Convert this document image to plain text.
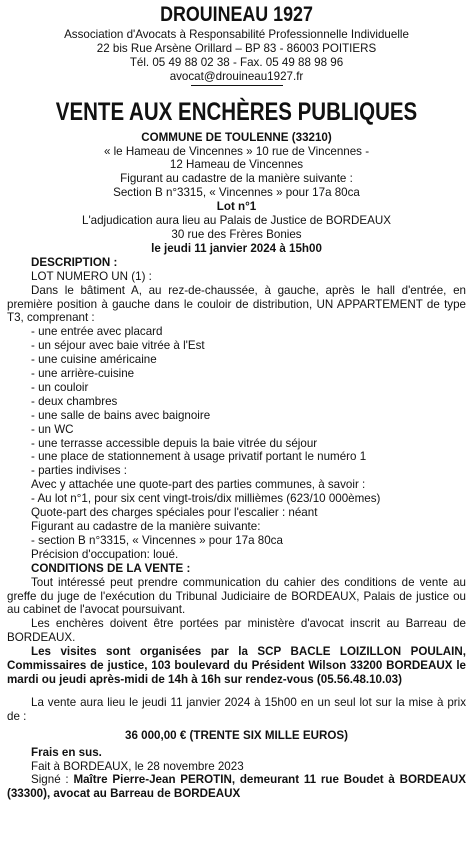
DROUINEAU 1927
Association d'Avocats à Responsabilité Professionnelle Individuelle
22 bis Rue Arsène Orillard – BP 83 - 86003 POITIERS
Tél. 05 49 88 02 38 - Fax. 05 49 88 98 96
avocat@drouineau1927.fr
VENTE AUX ENCHÈRES PUBLIQUES
COMMUNE DE TOULENNE (33210)
« le Hameau de Vincennes » 10 rue de Vincennes -
12 Hameau de Vincennes
Figurant au cadastre de la manière suivante :
Section B n°3315, « Vincennes » pour 17a 80ca
Lot n°1
L'adjudication aura lieu au Palais de Justice de BORDEAUX
30 rue des Frères Bonies
le jeudi 11 janvier 2024 à 15h00
DESCRIPTION :
LOT NUMERO UN (1) :
Dans le bâtiment A, au rez-de-chaussée, à gauche, après le hall d'entrée, en première position à gauche dans le couloir de distribution, UN APPARTEMENT de type T3, comprenant :
- une entrée avec placard
- un séjour avec baie vitrée à l'Est
- une cuisine américaine
- une arrière-cuisine
- un couloir
- deux chambres
- une salle de bains avec baignoire
- un WC
- une terrasse accessible depuis la baie vitrée du séjour
- une place de stationnement à usage privatif portant le numéro 1
- parties indivises :
Avec y attachée une quote-part des parties communes, à savoir :
- Au lot n°1, pour six cent vingt-trois/dix millièmes (623/10 000èmes)
Quote-part des charges spéciales pour l'escalier : néant
Figurant au cadastre de la manière suivante:
- section B n°3315, « Vincennes » pour 17a 80ca
Précision d'occupation: loué.
CONDITIONS DE LA VENTE :
Tout intéressé peut prendre communication du cahier des conditions de vente au greffe du juge de l'exécution du Tribunal Judiciaire de BORDEAUX, Palais de justice ou au cabinet de l'avocat poursuivant.
Les enchères doivent être portées par ministère d'avocat inscrit au Barreau de BORDEAUX.
Les visites sont organisées par la SCP BACLE LOIZILLON POULAIN, Commissaires de justice, 103 boulevard du Président Wilson 33200 BORDEAUX le mardi ou jeudi après-midi de 14h à 16h sur rendez-vous (05.56.48.10.03)
La vente aura lieu le jeudi 11 janvier 2024 à 15h00 en un seul lot sur la mise à prix de :
36 000,00 € (TRENTE SIX MILLE EUROS)
Frais en sus.
Fait à BORDEAUX, le 28 novembre 2023
Signé : Maître Pierre-Jean PEROTIN, demeurant 11 rue Boudet à BORDEAUX (33300), avocat au Barreau de BORDEAUX
